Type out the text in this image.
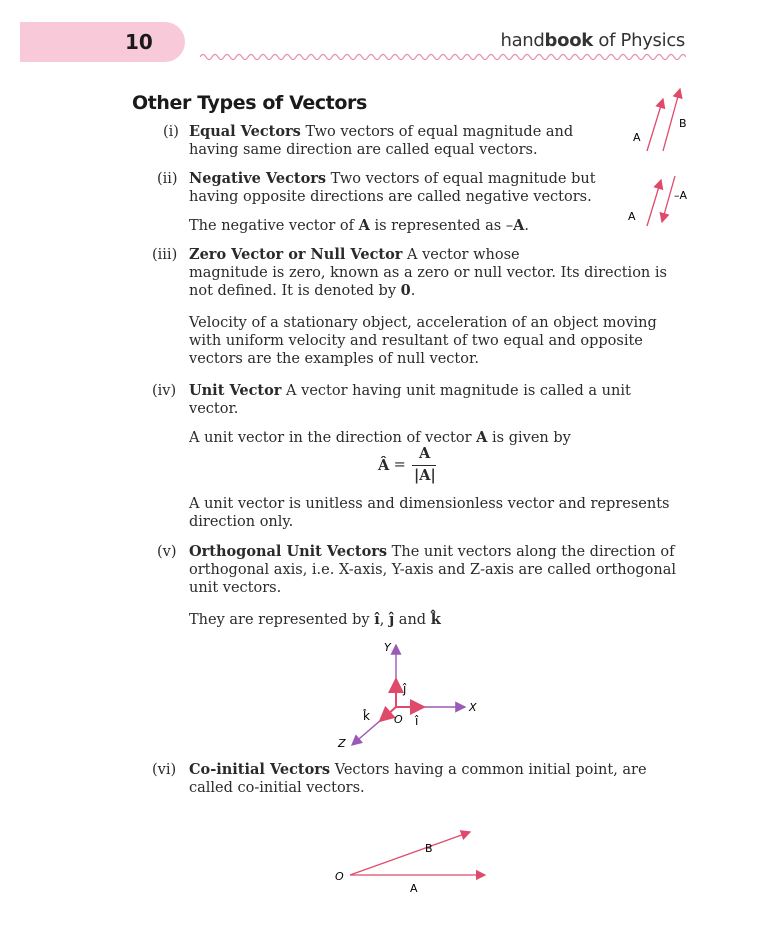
10	handbook of Physics
Other Types of Vectors
(i) Equal Vectors Two vectors of equal magnitude and

having same direction are called equal vectors.

(ii) Negative Vectors Two vectors of equal magnitude but

having opposite directions are called negative vectors.

The negative vector of A is represented as –A.

(iii) Zero Vector or Null Vector A vector whose

magnitude is zero, known as a zero or null vector. Its direction is

not defined. It is denoted by 0.

Velocity of a stationary object, acceleration of an object moving

with uniform velocity and resultant of two equal and opposite

vectors are the examples of null vector.

(iv) Unit Vector A vector having unit magnitude is called a unit

vector.

A unit vector in the direction of vector A is given by

Â =
A
|A|

A unit vector is unitless and dimensionless vector and represents

direction only.

(v) Orthogonal Unit Vectors The unit vectors along the direction of

orthogonal axis, i.e. X-axis, Y-axis and Z-axis are called orthogonal

unit vectors.

They are represented by î, ĵ and k̂

(vi) Co-initial Vectors Vectors having a common initial point, are

called co-initial vectors.

A
B
A
–A
Y
X
Z
O
ĵ
î
k̂
O
A
B
